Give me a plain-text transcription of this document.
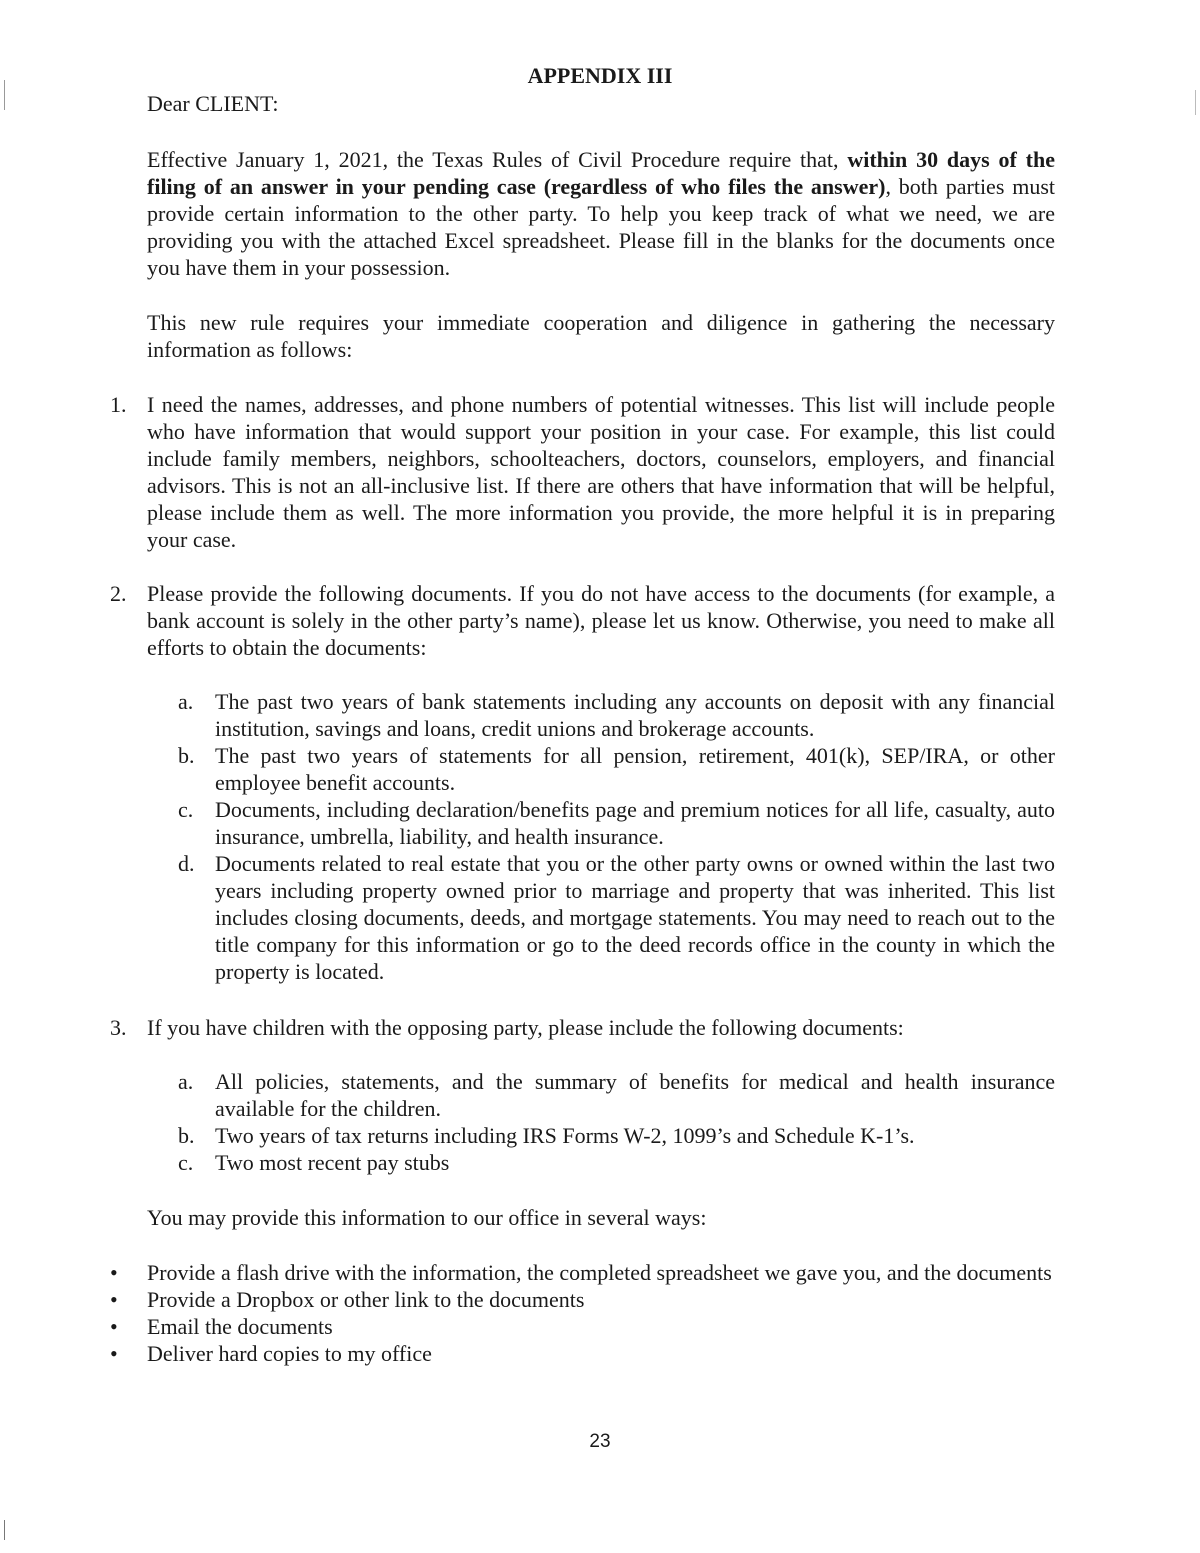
APPENDIX III
Dear CLIENT:

Effective January 1, 2021, the Texas Rules of Civil Procedure require that, within 30 days of the filing of an answer in your pending case (regardless of who files the answer), both parties must provide certain information to the other party. To help you keep track of what we need, we are providing you with the attached Excel spreadsheet. Please fill in the blanks for the documents once you have them in your possession.

This new rule requires your immediate cooperation and diligence in gathering the necessary information as follows:

1. I need the names, addresses, and phone numbers of potential witnesses. This list will include people who have information that would support your position in your case. For example, this list could include family members, neighbors, schoolteachers, doctors, counselors, employers, and financial advisors. This is not an all-inclusive list. If there are others that have information that will be helpful, please include them as well. The more information you provide, the more helpful it is in preparing your case.
2. Please provide the following documents. If you do not have access to the documents (for example, a bank account is solely in the other party’s name), please let us know. Otherwise, you need to make all efforts to obtain the documents:
a. The past two years of bank statements including any accounts on deposit with any financial institution, savings and loans, credit unions and brokerage accounts.
b. The past two years of statements for all pension, retirement, 401(k), SEP/IRA, or other employee benefit accounts.
c. Documents, including declaration/benefits page and premium notices for all life, casualty, auto insurance, umbrella, liability, and health insurance.
d. Documents related to real estate that you or the other party owns or owned within the last two years including property owned prior to marriage and property that was inherited. This list includes closing documents, deeds, and mortgage statements. You may need to reach out to the title company for this information or go to the deed records office in the county in which the property is located.
3. If you have children with the opposing party, please include the following documents:
a. All policies, statements, and the summary of benefits for medical and health insurance available for the children.
b. Two years of tax returns including IRS Forms W-2, 1099’s and Schedule K-1’s.
c. Two most recent pay stubs
You may provide this information to our office in several ways:
•	Provide a flash drive with the information, the completed spreadsheet we gave you, and the documents
•	Provide a Dropbox or other link to the documents
•	Email the documents
•	Deliver hard copies to my office
23
